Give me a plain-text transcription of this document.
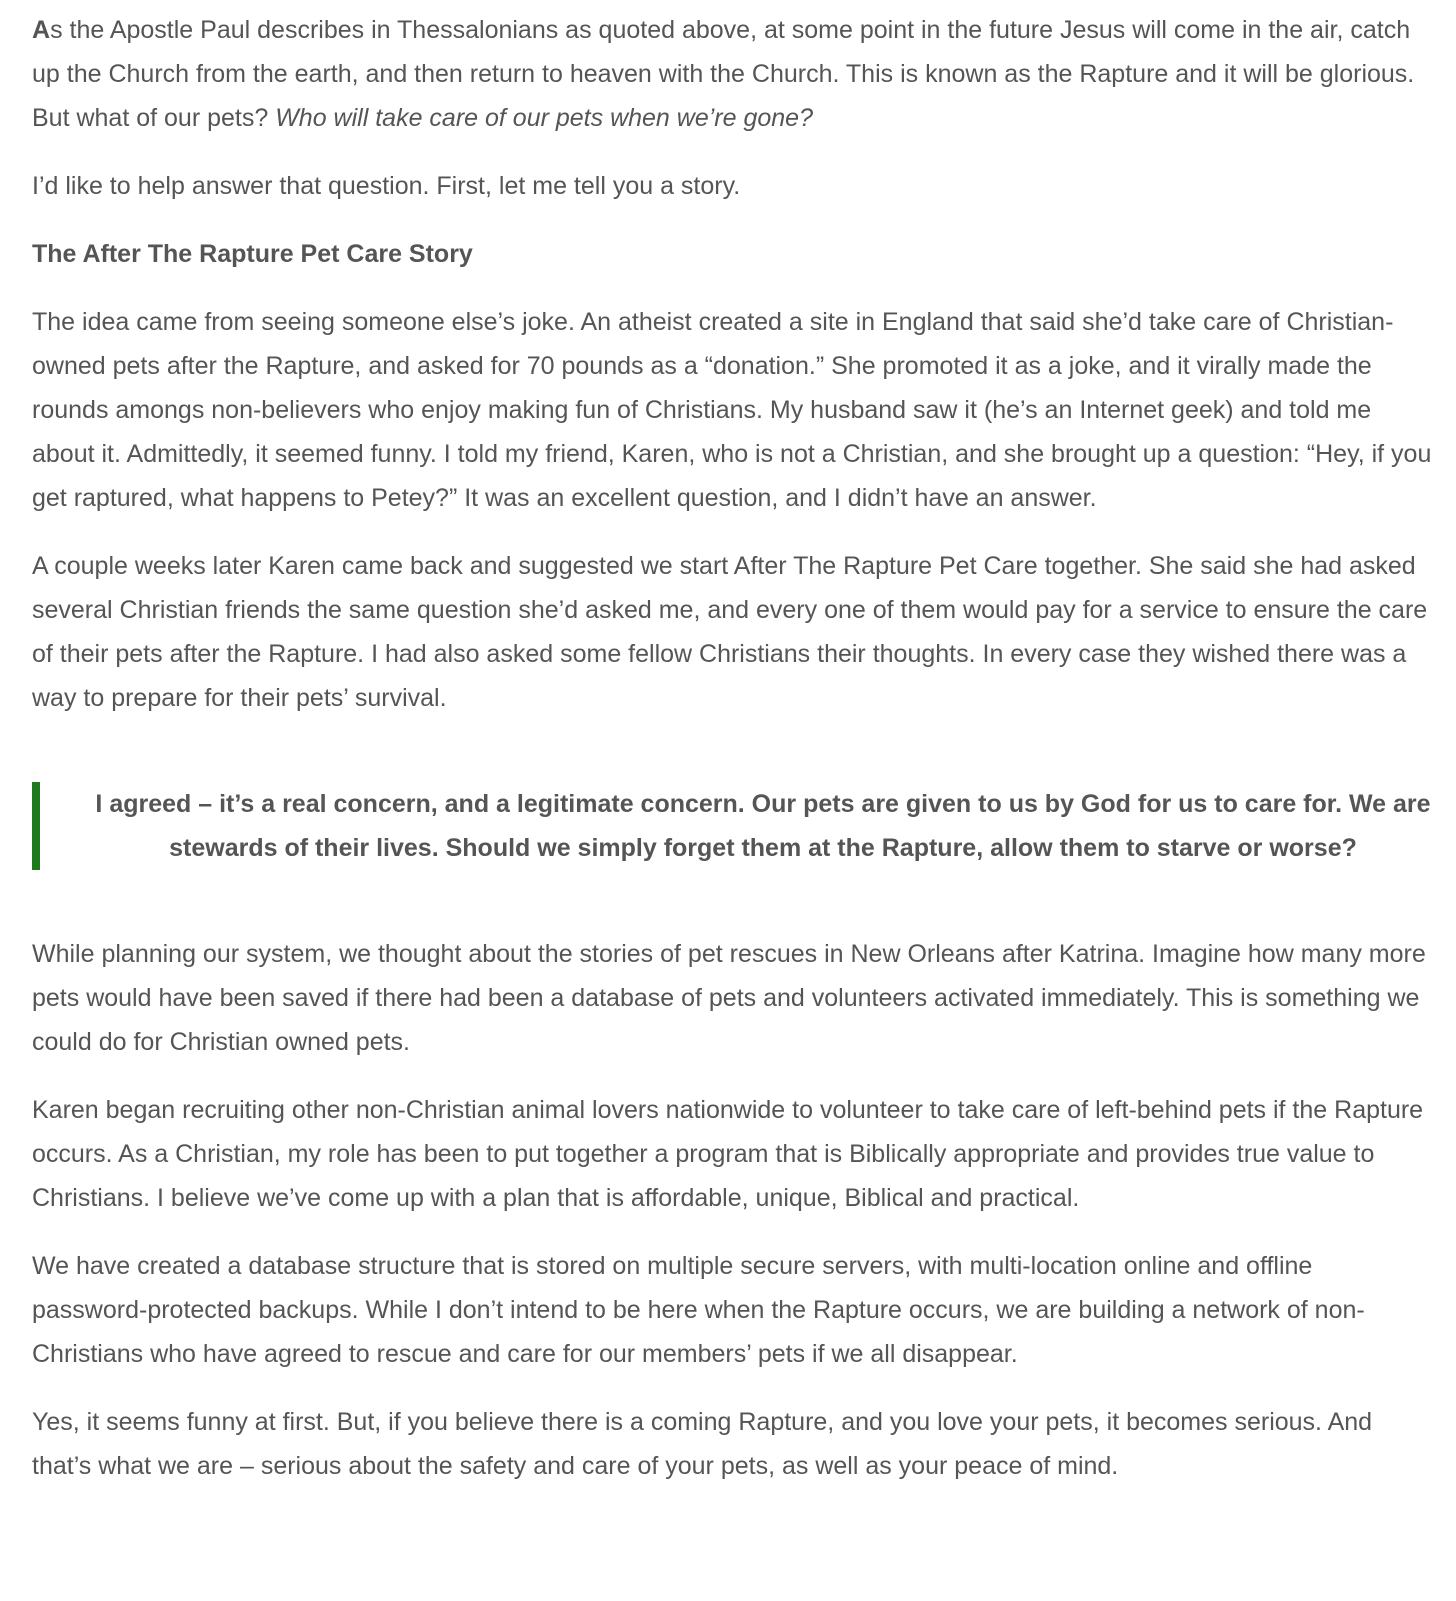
As the Apostle Paul describes in Thessalonians as quoted above, at some point in the future Jesus will come in the air, catch up the Church from the earth, and then return to heaven with the Church. This is known as the Rapture and it will be glorious. But what of our pets? Who will take care of our pets when we’re gone?

I’d like to help answer that question. First, let me tell you a story.

The After The Rapture Pet Care Story

The idea came from seeing someone else’s joke. An atheist created a site in England that said she’d take care of Christian-owned pets after the Rapture, and asked for 70 pounds as a “donation.” She promoted it as a joke, and it virally made the rounds amongs non-believers who enjoy making fun of Christians. My husband saw it (he’s an Internet geek) and told me about it. Admittedly, it seemed funny. I told my friend, Karen, who is not a Christian, and she brought up a question: “Hey, if you get raptured, what happens to Petey?” It was an excellent question, and I didn’t have an answer.

A couple weeks later Karen came back and suggested we start After The Rapture Pet Care together. She said she had asked several Christian friends the same question she’d asked me, and every one of them would pay for a service to ensure the care of their pets after the Rapture. I had also asked some fellow Christians their thoughts. In every case they wished there was a way to prepare for their pets’ survival.

I agreed – it’s a real concern, and a legitimate concern. Our pets are given to us by God for us to care for. We are stewards of their lives. Should we simply forget them at the Rapture, allow them to starve or worse?

While planning our system, we thought about the stories of pet rescues in New Orleans after Katrina. Imagine how many more pets would have been saved if there had been a database of pets and volunteers activated immediately. This is something we could do for Christian owned pets.

Karen began recruiting other non-Christian animal lovers nationwide to volunteer to take care of left-behind pets if the Rapture occurs. As a Christian, my role has been to put together a program that is Biblically appropriate and provides true value to Christians. I believe we’ve come up with a plan that is affordable, unique, Biblical and practical.

We have created a database structure that is stored on multiple secure servers, with multi-location online and offline password-protected backups. While I don’t intend to be here when the Rapture occurs, we are building a network of non-Christians who have agreed to rescue and care for our members’ pets if we all disappear.

Yes, it seems funny at first. But, if you believe there is a coming Rapture, and you love your pets, it becomes serious. And that’s what we are – serious about the safety and care of your pets, as well as your peace of mind.
